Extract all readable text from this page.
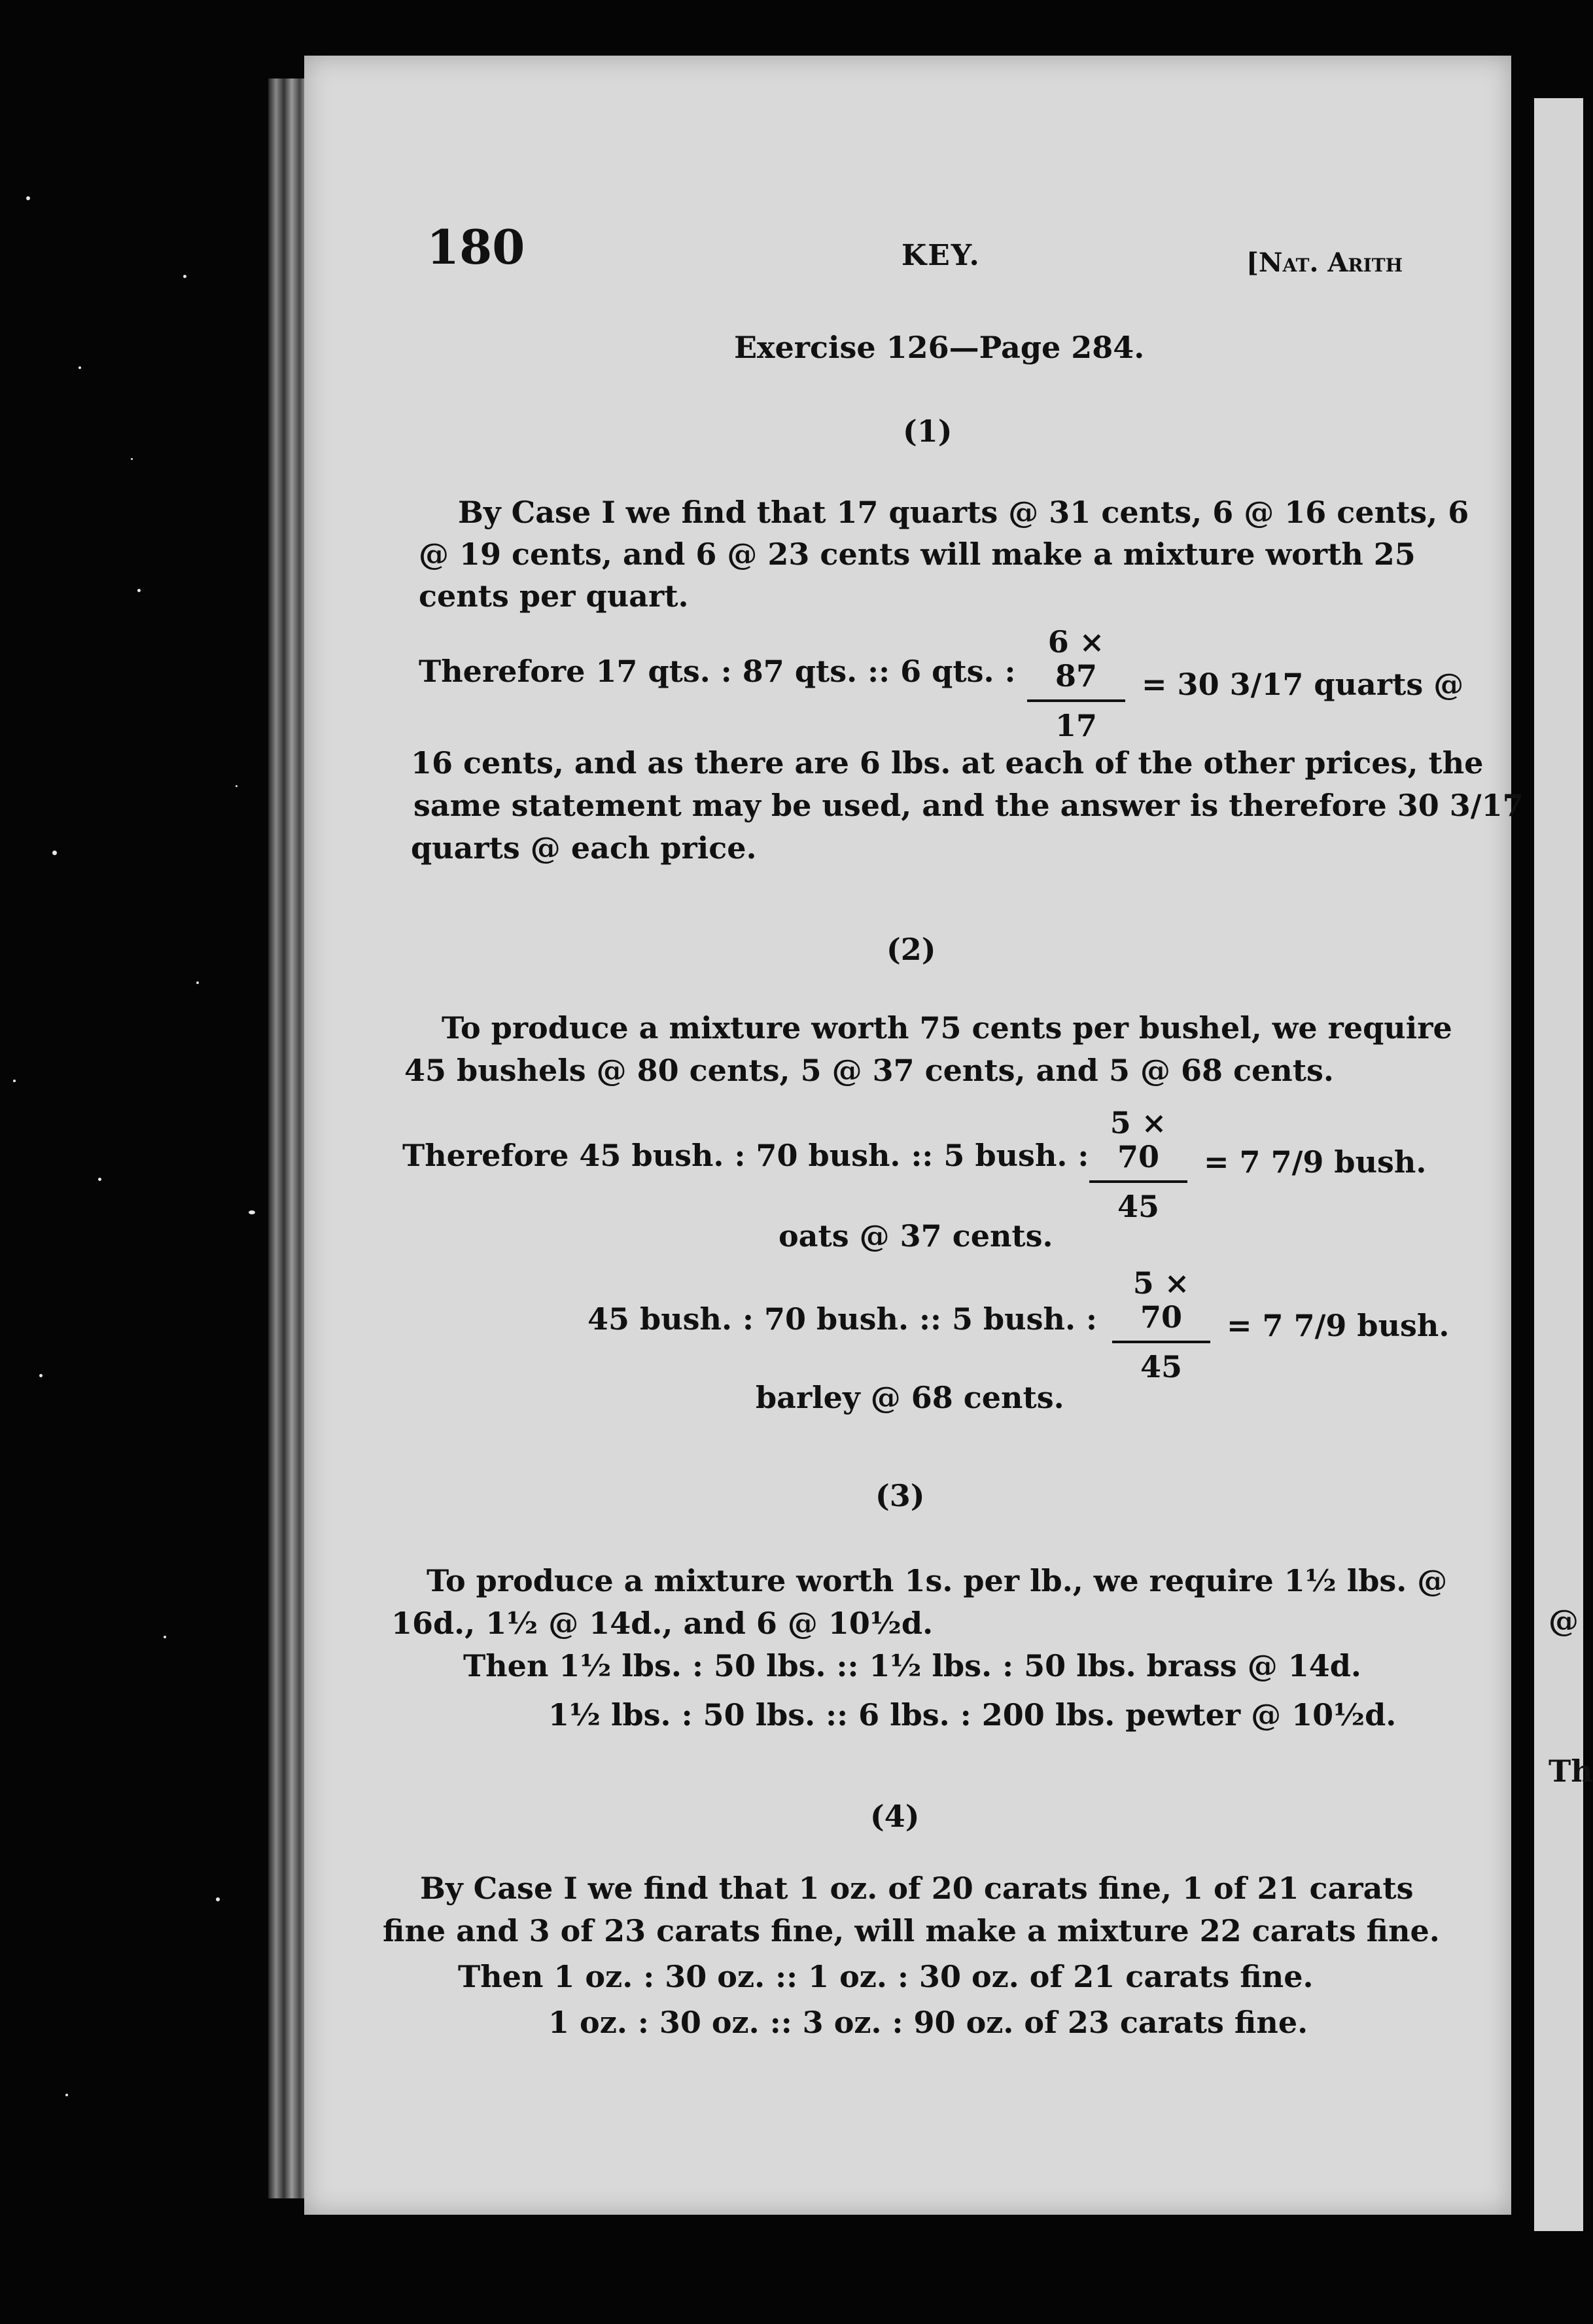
@
Th
180	KEY.	[Nat. Arith
Exercise 126—Page 284.
(1)
By Case I we find that 17 quarts @ 31 cents, 6 @ 16 cents, 6
@ 19 cents, and 6 @ 23 cents will make a mixture worth 25
cents per quart.
Therefore 17 qts. : 87 qts. :: 6 qts. :
6 × 87
17
= 30 3/17 quarts @
16 cents, and as there are 6 lbs. at each of the other prices, the
same statement may be used, and the answer is therefore 30 3/17
quarts @ each price.
(2)
To produce a mixture worth 75 cents per bushel, we require
45 bushels @ 80 cents, 5 @ 37 cents, and 5 @ 68 cents.
Therefore 45 bush. : 70 bush. :: 5 bush. :
5 × 70
45
= 7 7/9 bush.
oats @ 37 cents.
45 bush. : 70 bush. :: 5 bush. :
5 × 70
45
= 7 7/9 bush.
barley @ 68 cents.
(3)
To produce a mixture worth 1s. per lb., we require 1½ lbs. @
16d., 1½ @ 14d., and 6 @ 10½d.
Then 1½ lbs. : 50 lbs. :: 1½ lbs. : 50 lbs. brass @ 14d.
1½ lbs. : 50 lbs. :: 6 lbs. : 200 lbs. pewter @ 10½d.
(4)
By Case I we find that 1 oz. of 20 carats fine, 1 of 21 carats
fine and 3 of 23 carats fine, will make a mixture 22 carats fine.
Then 1 oz. : 30 oz. :: 1 oz. : 30 oz. of 21 carats fine.
1 oz. : 30 oz. :: 3 oz. : 90 oz. of 23 carats fine.
